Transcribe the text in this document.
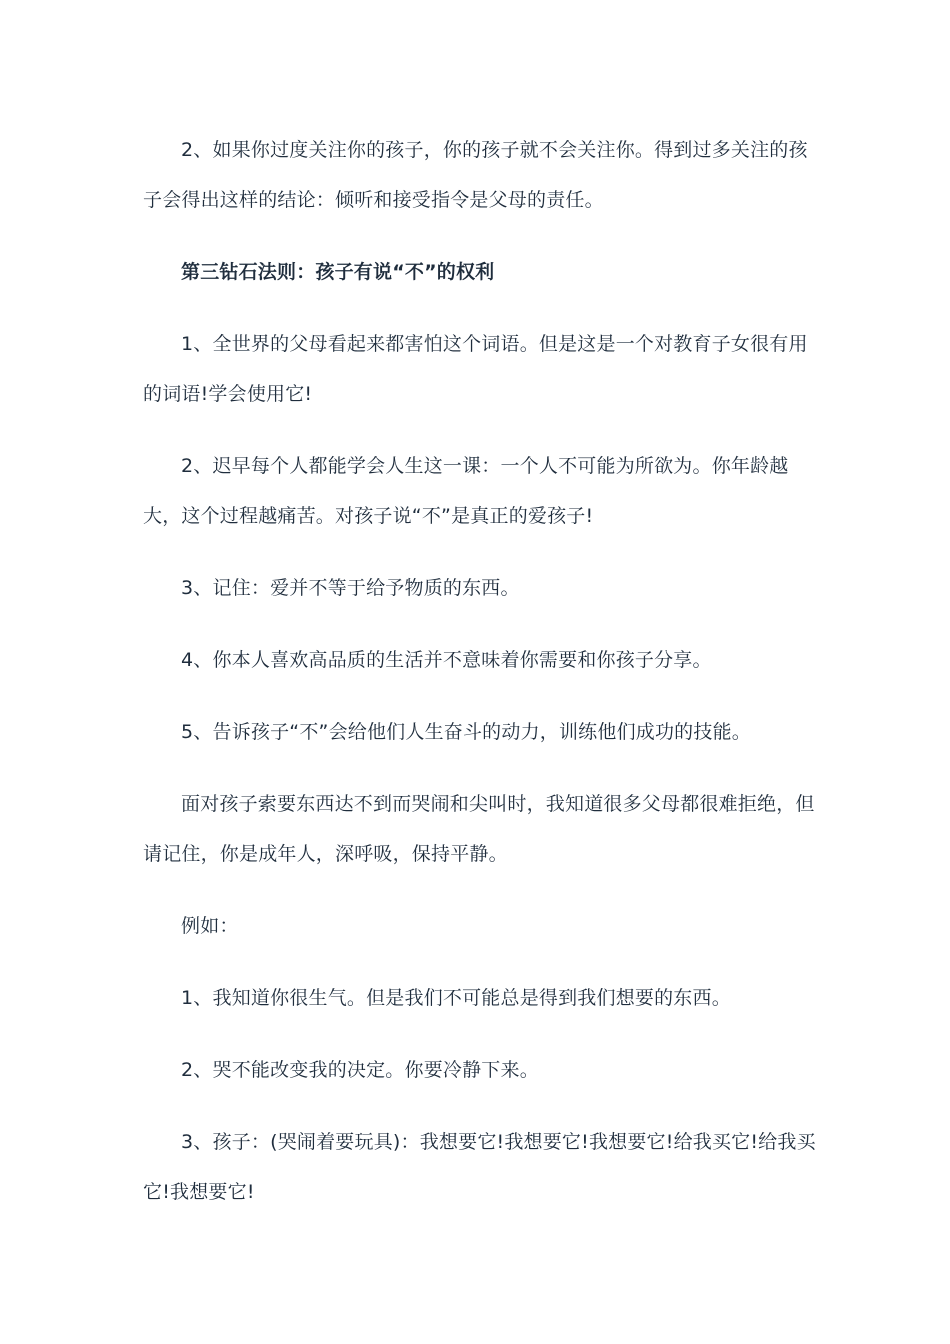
2、如果你过度关注你的孩子，你的孩子就不会关注你。得到过多关注的孩子会得出这样的结论：倾听和接受指令是父母的责任。

第三钻石法则：孩子有说“不”的权利

1、全世界的父母看起来都害怕这个词语。但是这是一个对教育子女很有用的词语!学会使用它!

2、迟早每个人都能学会人生这一课：一个人不可能为所欲为。你年龄越大，这个过程越痛苦。对孩子说“不”是真正的爱孩子!

3、记住：爱并不等于给予物质的东西。

4、你本人喜欢高品质的生活并不意味着你需要和你孩子分享。

5、告诉孩子“不”会给他们人生奋斗的动力，训练他们成功的技能。

面对孩子索要东西达不到而哭闹和尖叫时，我知道很多父母都很难拒绝，但请记住，你是成年人，深呼吸，保持平静。

例如：

1、我知道你很生气。但是我们不可能总是得到我们想要的东西。

2、哭不能改变我的决定。你要冷静下来。

3、孩子：(哭闹着要玩具)：我想要它!我想要它!我想要它!给我买它!给我买它!我想要它!
